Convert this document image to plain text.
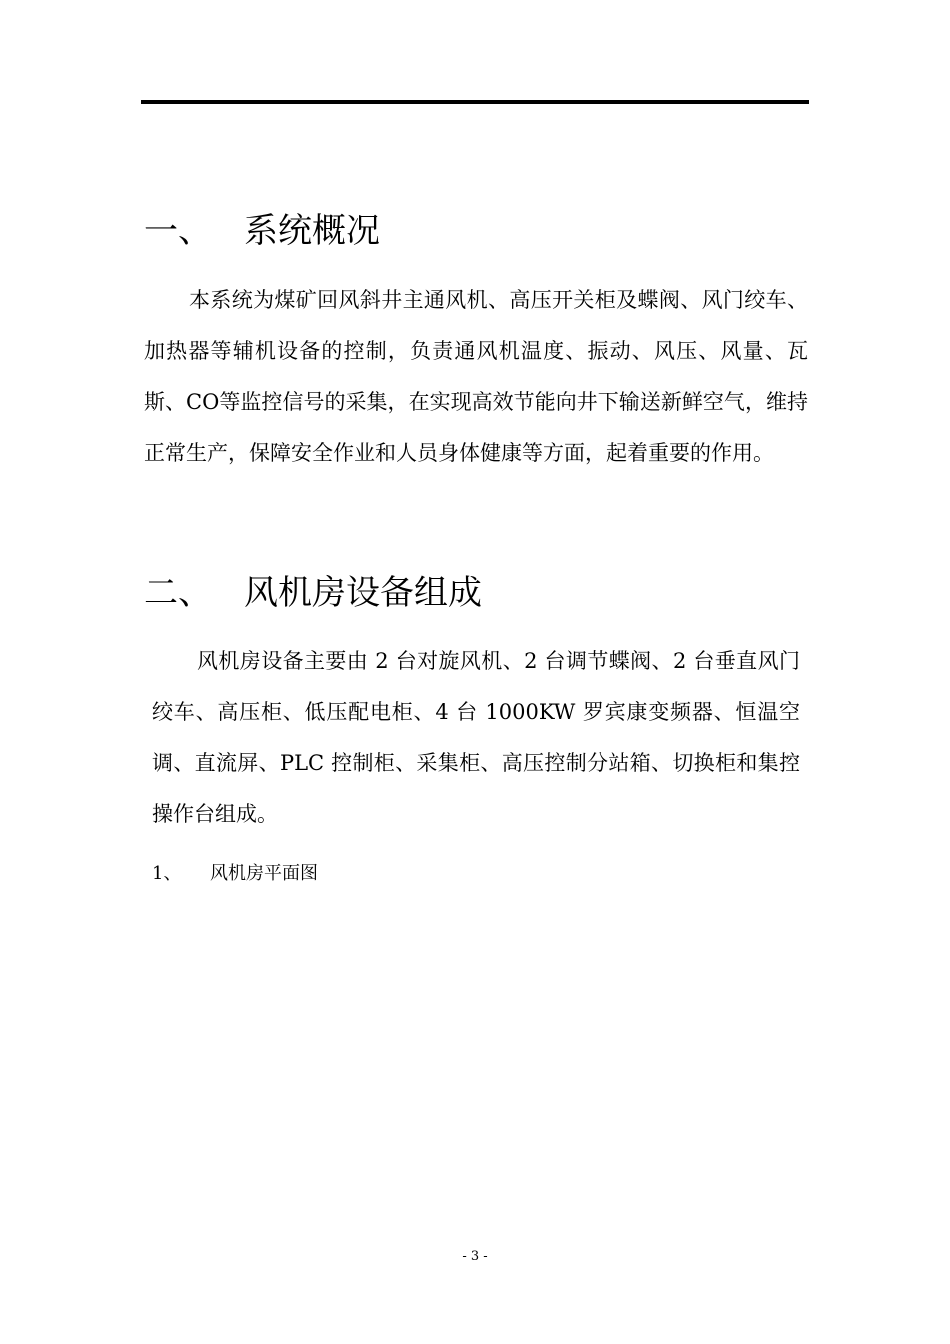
一、 系统概况

本系统为煤矿回风斜井主通风机、高压开关柜及蝶阀、风门绞车、加热器等辅机设备的控制，负责通风机温度、振动、风压、风量、瓦斯、CO等监控信号的采集，在实现高效节能向井下输送新鲜空气，维持正常生产，保障安全作业和人员身体健康等方面，起着重要的作用。

二、 风机房设备组成

风机房设备主要由 2 台对旋风机、2 台调节蝶阀、2 台垂直风门绞车、高压柜、低压配电柜、4 台 1000KW 罗宾康变频器、恒温空调、直流屏、PLC 控制柜、采集柜、高压控制分站箱、切换柜和集控操作台组成。

1、 风机房平面图
- 3 -
